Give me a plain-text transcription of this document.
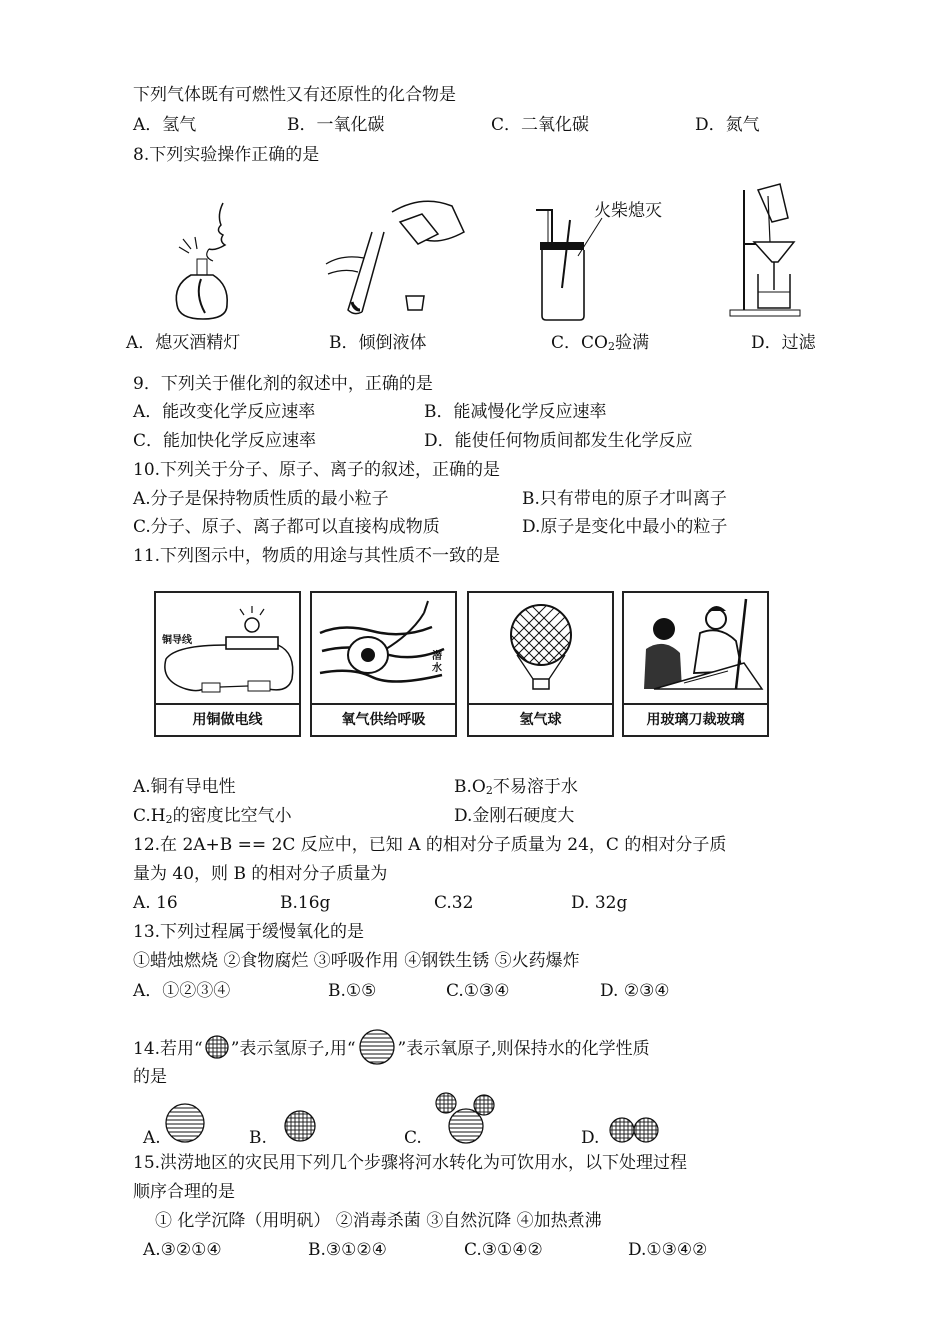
下列气体既有可燃性又有还原性的化合物是
A．氢气	B．一氧化碳	C．二氧化碳	D．氮气
8.下列实验操作正确的是
火柴熄灭
A．熄灭酒精灯	B．倾倒液体	C．$CO_2$验满	D．过滤
9．下列关于催化剂的叙述中，正确的是
A．能改变化学反应速率	B．能减慢化学反应速率
C．能加快化学反应速率	D．能使任何物质间都发生化学反应
10.下列关于分子、原子、离子的叙述，正确的是
A.分子是保持物质性质的最小粒子	B.只有带电的原子才叫离子
C.分子、原子、离子都可以直接构成物质	D.原子是变化中最小的粒子
11.下列图示中，物质的用途与其性质不一致的是
铜导线
用铜做电线
潜水
氧气供给呼吸	氢气球	用玻璃刀裁玻璃
A.铜有导电性	$B.O_2$不易溶于水
$C.H_2$的密度比空气小	D.金刚石硬度大
12.在 2A+B == 2C 反应中，已知 A 的相对分子质量为 24，C 的相对分子质
量为 40，则 B 的相对分子质量为
A. 16	B.16g	C.32	D. 32g
13.下列过程属于缓慢氧化的是
①蜡烛燃烧 ②食物腐烂 ③呼吸作用 ④钢铁生锈 ⑤火药爆炸
A．①②③④	B.①⑤	C.①③④	D. ②③④
14.若用“ ”表示氢原子,用“ ”表示氧原子,则保持水的化学性质
的是
A.	B.	C.	D.
15.洪涝地区的灾民用下列几个步骤将河水转化为可饮用水，以下处理过程
顺序合理的是
① 化学沉降（用明矾） ②消毒杀菌 ③自然沉降 ④加热煮沸
A.③②①④	B.③①②④	C.③①④②	D.①③④②
